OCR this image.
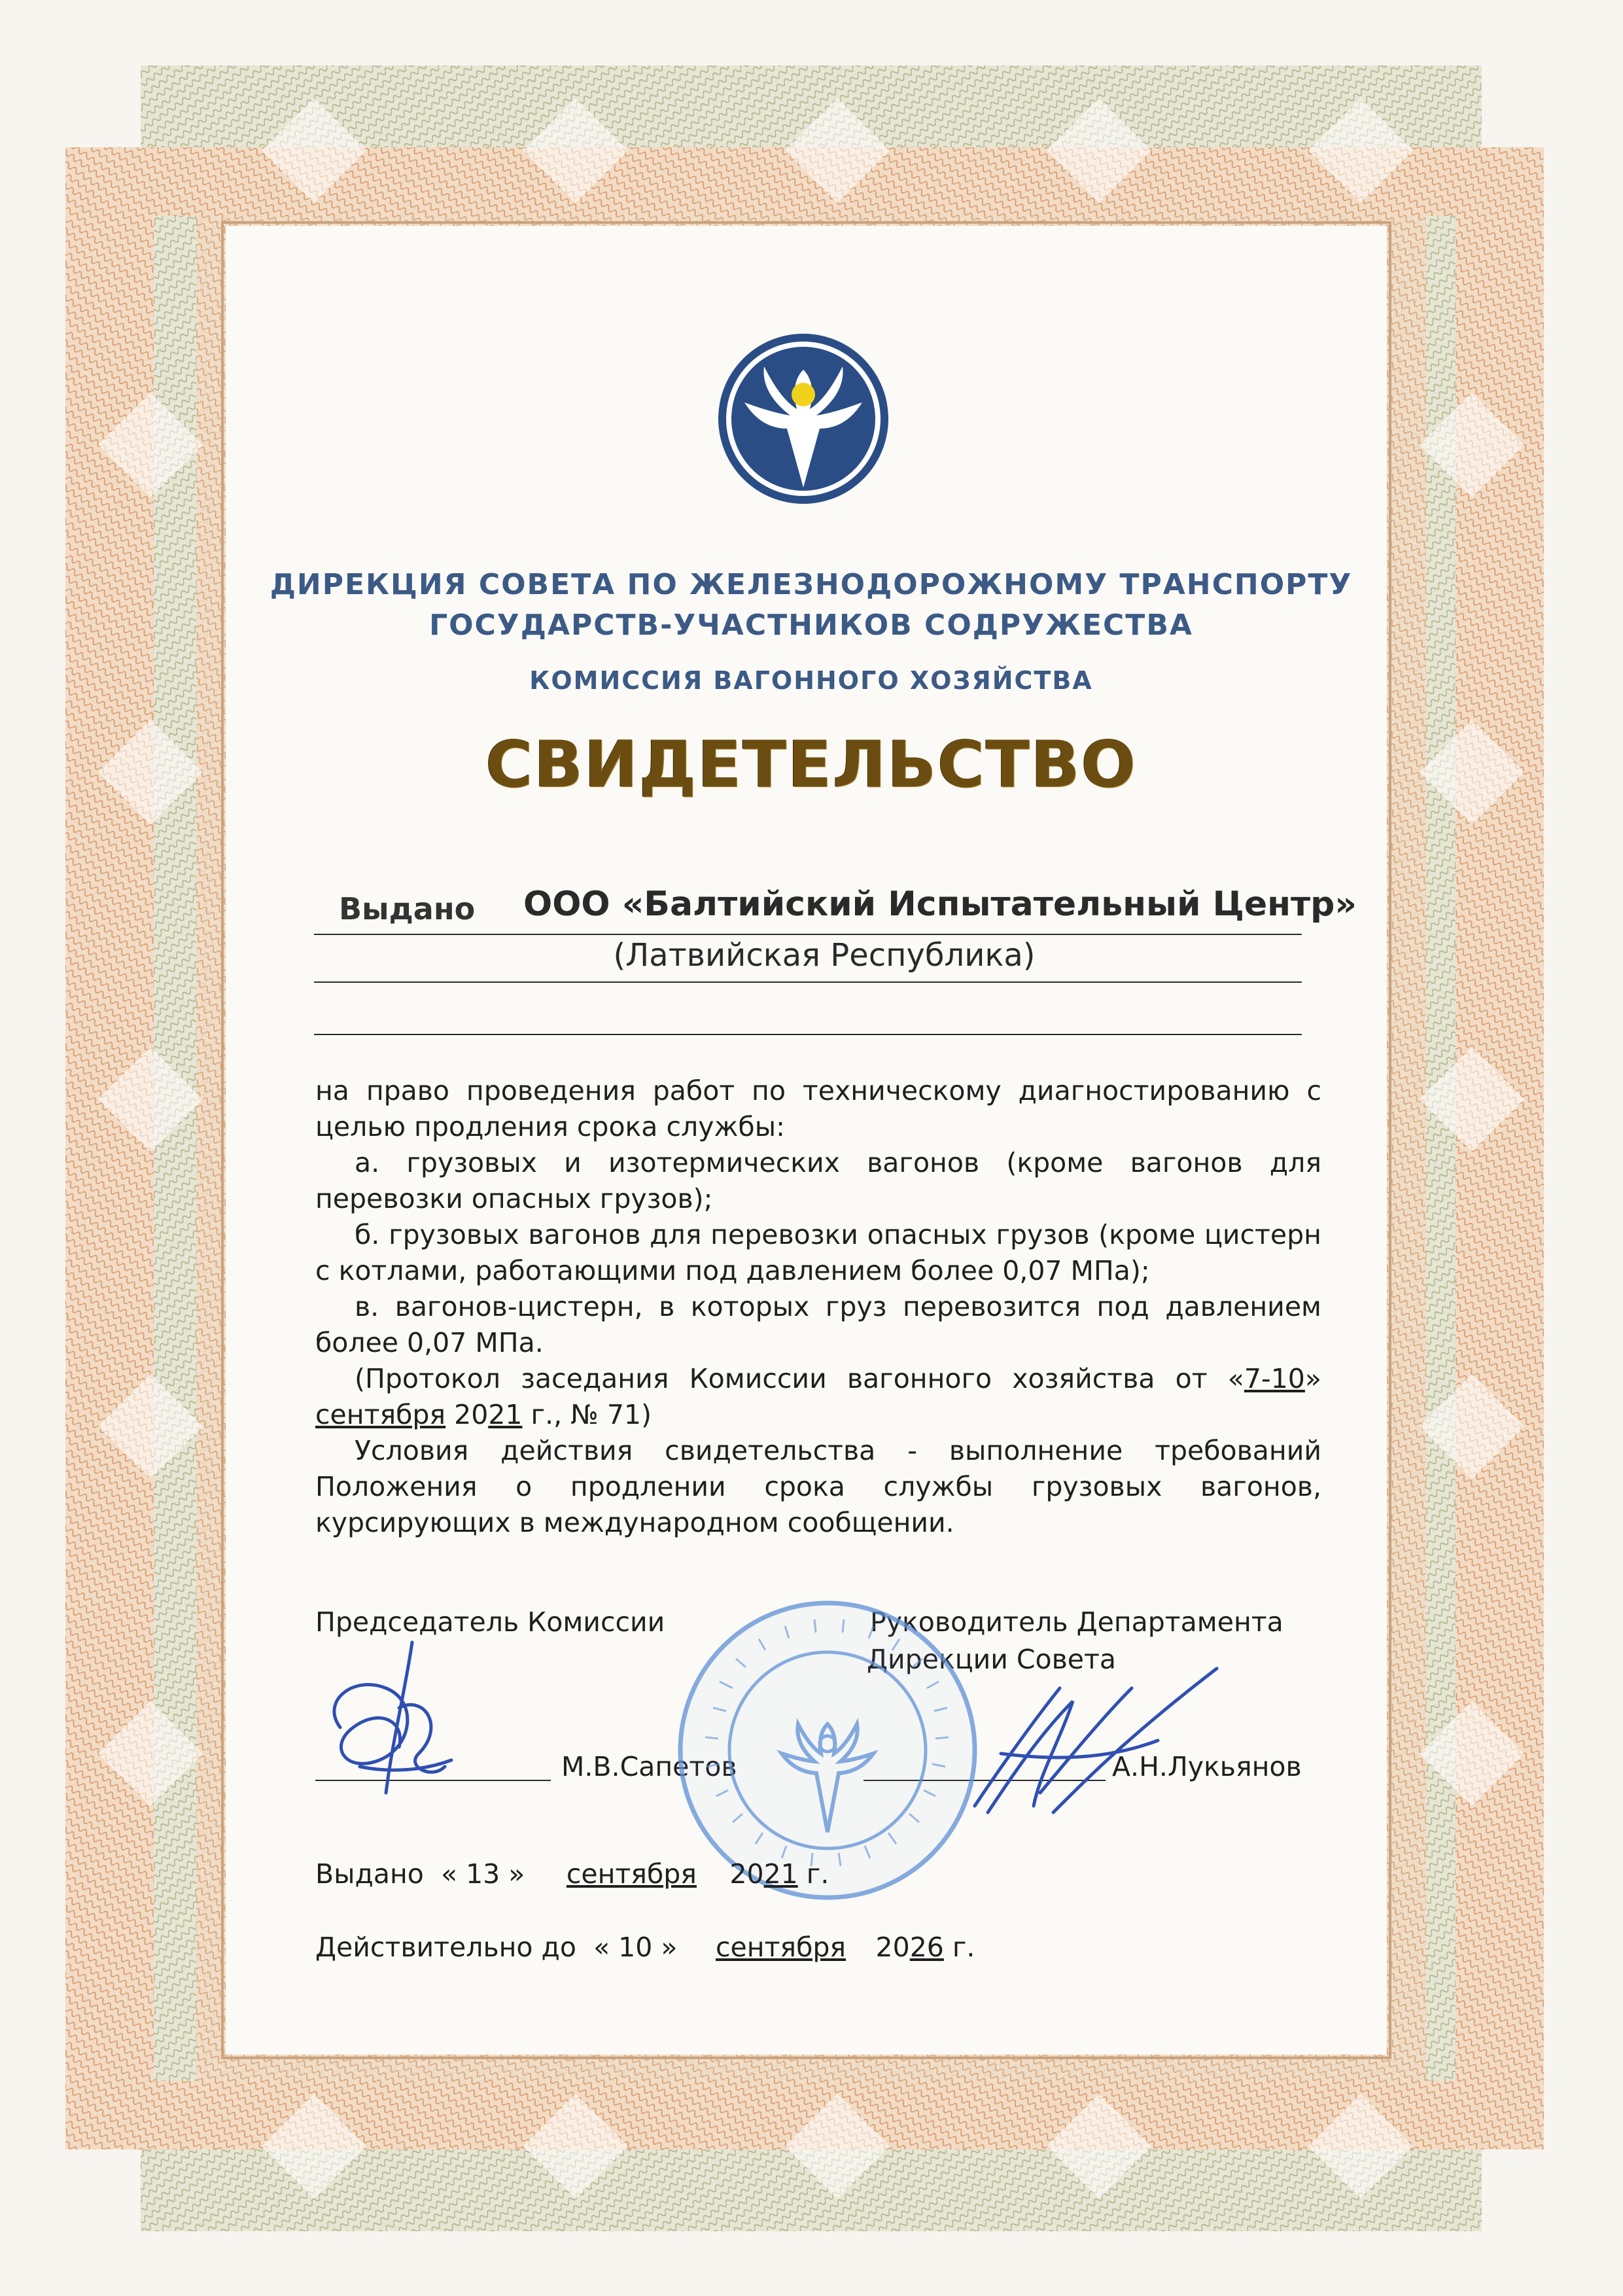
ДИРЕКЦИЯ СОВЕТА ПО ЖЕЛЕЗНОДОРОЖНОМУ ТРАНСПОРТУ
ГОСУДАРСТВ-УЧАСТНИКОВ СОДРУЖЕСТВА
КОМИССИЯ ВАГОННОГО ХОЗЯЙСТВА
СВИДЕТЕЛЬСТВО
Выдано ООО «Балтийский Испытательный Центр»
(Латвийская Республика)

на право проведения работ по техническому диагностированию с целью продления срока службы:

а. грузовых и изотермических вагонов (кроме вагонов для перевозки опасных грузов);

б. грузовых вагонов для перевозки опасных грузов (кроме цистерн с котлами, работающими под давлением более 0,07 МПа);

в. вагонов-цистерн, в которых груз перевозится под давлением более 0,07 МПа.

(Протокол заседания Комиссии вагонного хозяйства от «7-10» сентября 2021 г., № 71)

Условия действия свидетельства - выполнение требований Положения о продлении срока службы грузовых вагонов, курсирующих в международном сообщении.

Председатель Комиссии	Руководитель Департамента
Дирекции Совета
М.В.Сапетов	А.Н.Лукьянов
Выдано « 13 » сентября 2021 г.
Действительно до « 10 » сентября 2026 г.
